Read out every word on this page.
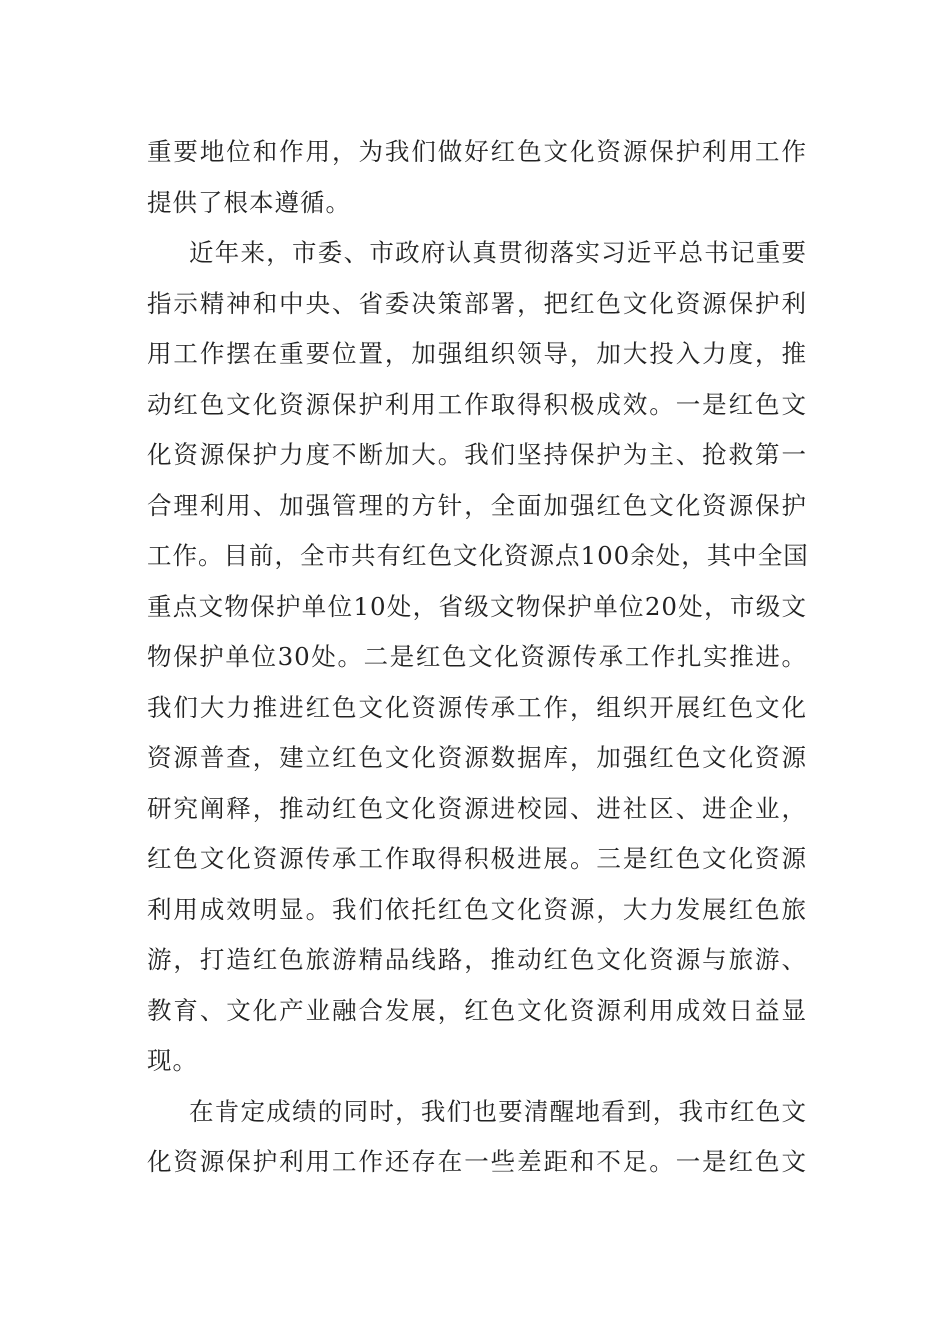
重要地位和作用，为我们做好红色文化资源保护利用工作
提供了根本遵循。
近年来，市委、市政府认真贯彻落实习近平总书记重要
指示精神和中央、省委决策部署，把红色文化资源保护利
用工作摆在重要位置，加强组织领导，加大投入力度，推
动红色文化资源保护利用工作取得积极成效。一是红色文
化资源保护力度不断加大。我们坚持保护为主、抢救第一
合理利用、加强管理的方针，全面加强红色文化资源保护
工作。目前，全市共有红色文化资源点100余处，其中全国
重点文物保护单位10处，省级文物保护单位20处，市级文
物保护单位30处。二是红色文化资源传承工作扎实推进。
我们大力推进红色文化资源传承工作，组织开展红色文化
资源普查，建立红色文化资源数据库，加强红色文化资源
研究阐释，推动红色文化资源进校园、进社区、进企业，
红色文化资源传承工作取得积极进展。三是红色文化资源
利用成效明显。我们依托红色文化资源，大力发展红色旅
游，打造红色旅游精品线路，推动红色文化资源与旅游、
教育、文化产业融合发展，红色文化资源利用成效日益显
现。
在肯定成绩的同时，我们也要清醒地看到，我市红色文
化资源保护利用工作还存在一些差距和不足。一是红色文
